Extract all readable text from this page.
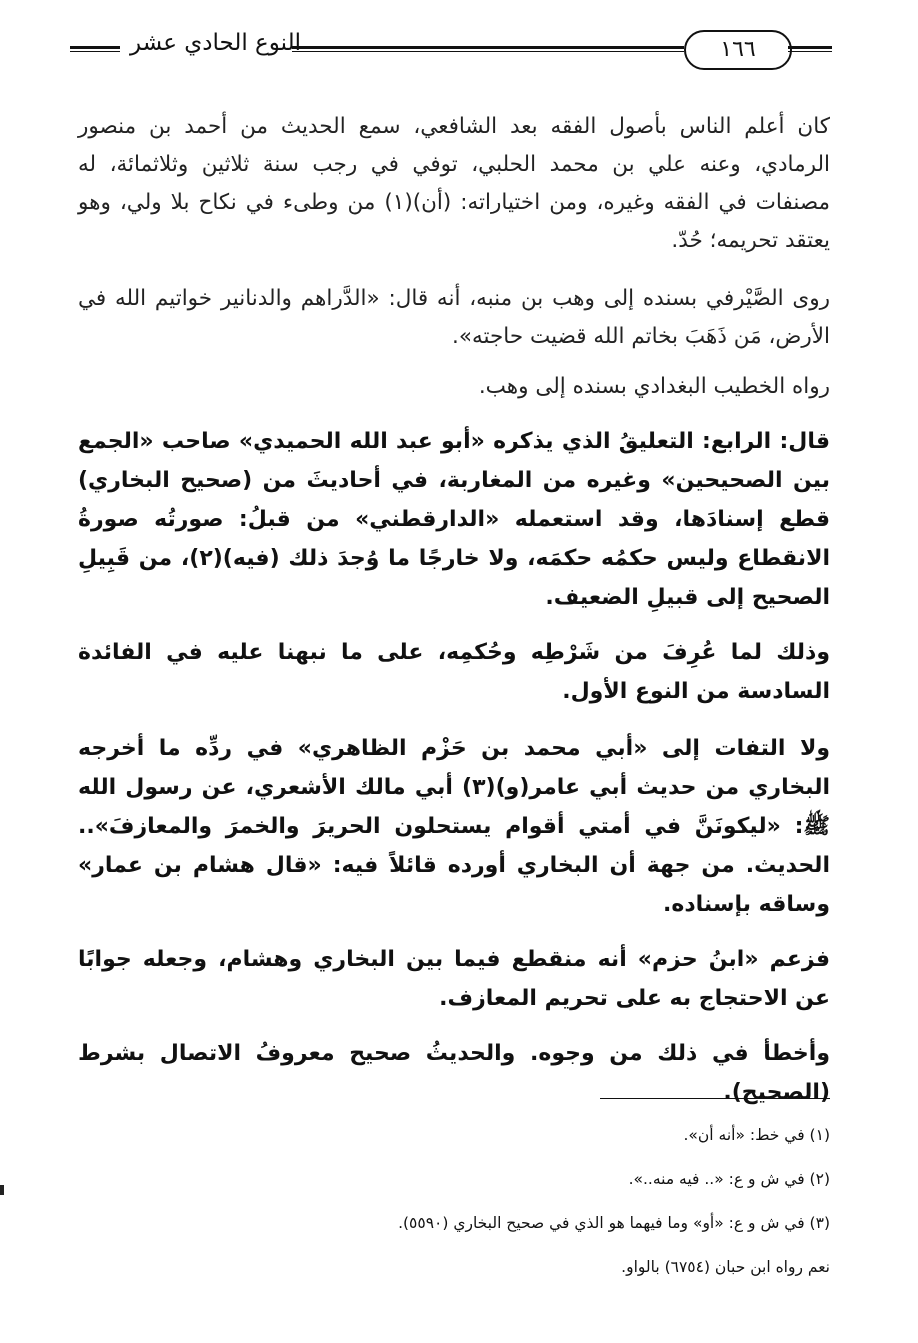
النوع الحادي عشر	١٦٦

كان أعلم الناس بأصول الفقه بعد الشافعي، سمع الحديث من أحمد بن منصور الرمادي، وعنه علي بن محمد الحلبي، توفي في رجب سنة ثلاثين وثلاثمائة، له مصنفات في الفقه وغيره، ومن اختياراته: (أن)(١) من وطىء في نكاح بلا ولي، وهو يعتقد تحريمه؛ حُدّ.

روى الصَّيْرفي بسنده إلى وهب بن منبه، أنه قال: «الدَّراهم والدنانير خواتيم الله في الأرض، مَن ذَهَبَ بخاتم الله قضيت حاجته».

رواه الخطيب البغدادي بسنده إلى وهب.

قال: الرابع: التعليقُ الذي يذكره «أبو عبد الله الحميدي» صاحب «الجمع بين الصحيحين» وغيره من المغاربة، في أحاديثَ من (صحيح البخاري) قطع إسنادَها، وقد استعمله «الدارقطني» من قبلُ: صورتُه صورةُ الانقطاع وليس حكمُه حكمَه، ولا خارجًا ما وُجدَ ذلك (فيه)(٢)، من قَبِيلِ الصحيح إلى قبيلِ الضعيف.

وذلك لما عُرِفَ من شَرْطِه وحُكمِه، على ما نبهنا عليه في الفائدة السادسة من النوع الأول.

ولا التفات إلى «أبي محمد بن حَزْم الظاهري» في ردِّه ما أخرجه البخاري من حديث أبي عامر(و)(٣) أبي مالك الأشعري، عن رسول الله ﷺ: «ليكونَنَّ في أمتي أقوام يستحلون الحريرَ والخمرَ والمعازفَ».. الحديث. من جهة أن البخاري أورده قائلاً فيه: «قال هشام بن عمار» وساقه بإسناده.

فزعم «ابنُ حزم» أنه منقطع فيما بين البخاري وهشام، وجعله جوابًا عن الاحتجاج به على تحريم المعازف.

وأخطأ في ذلك من وجوه. والحديثُ صحيح معروفُ الاتصال بشرط (الصحيح).

(١) في خط: «أنه أن».

(٢) في ش و ع: «.. فيه منه..».

(٣) في ش و ع: «أو» وما فيهما هو الذي في صحيح البخاري (٥٥٩٠).

نعم رواه ابن حبان (٦٧٥٤) بالواو.
